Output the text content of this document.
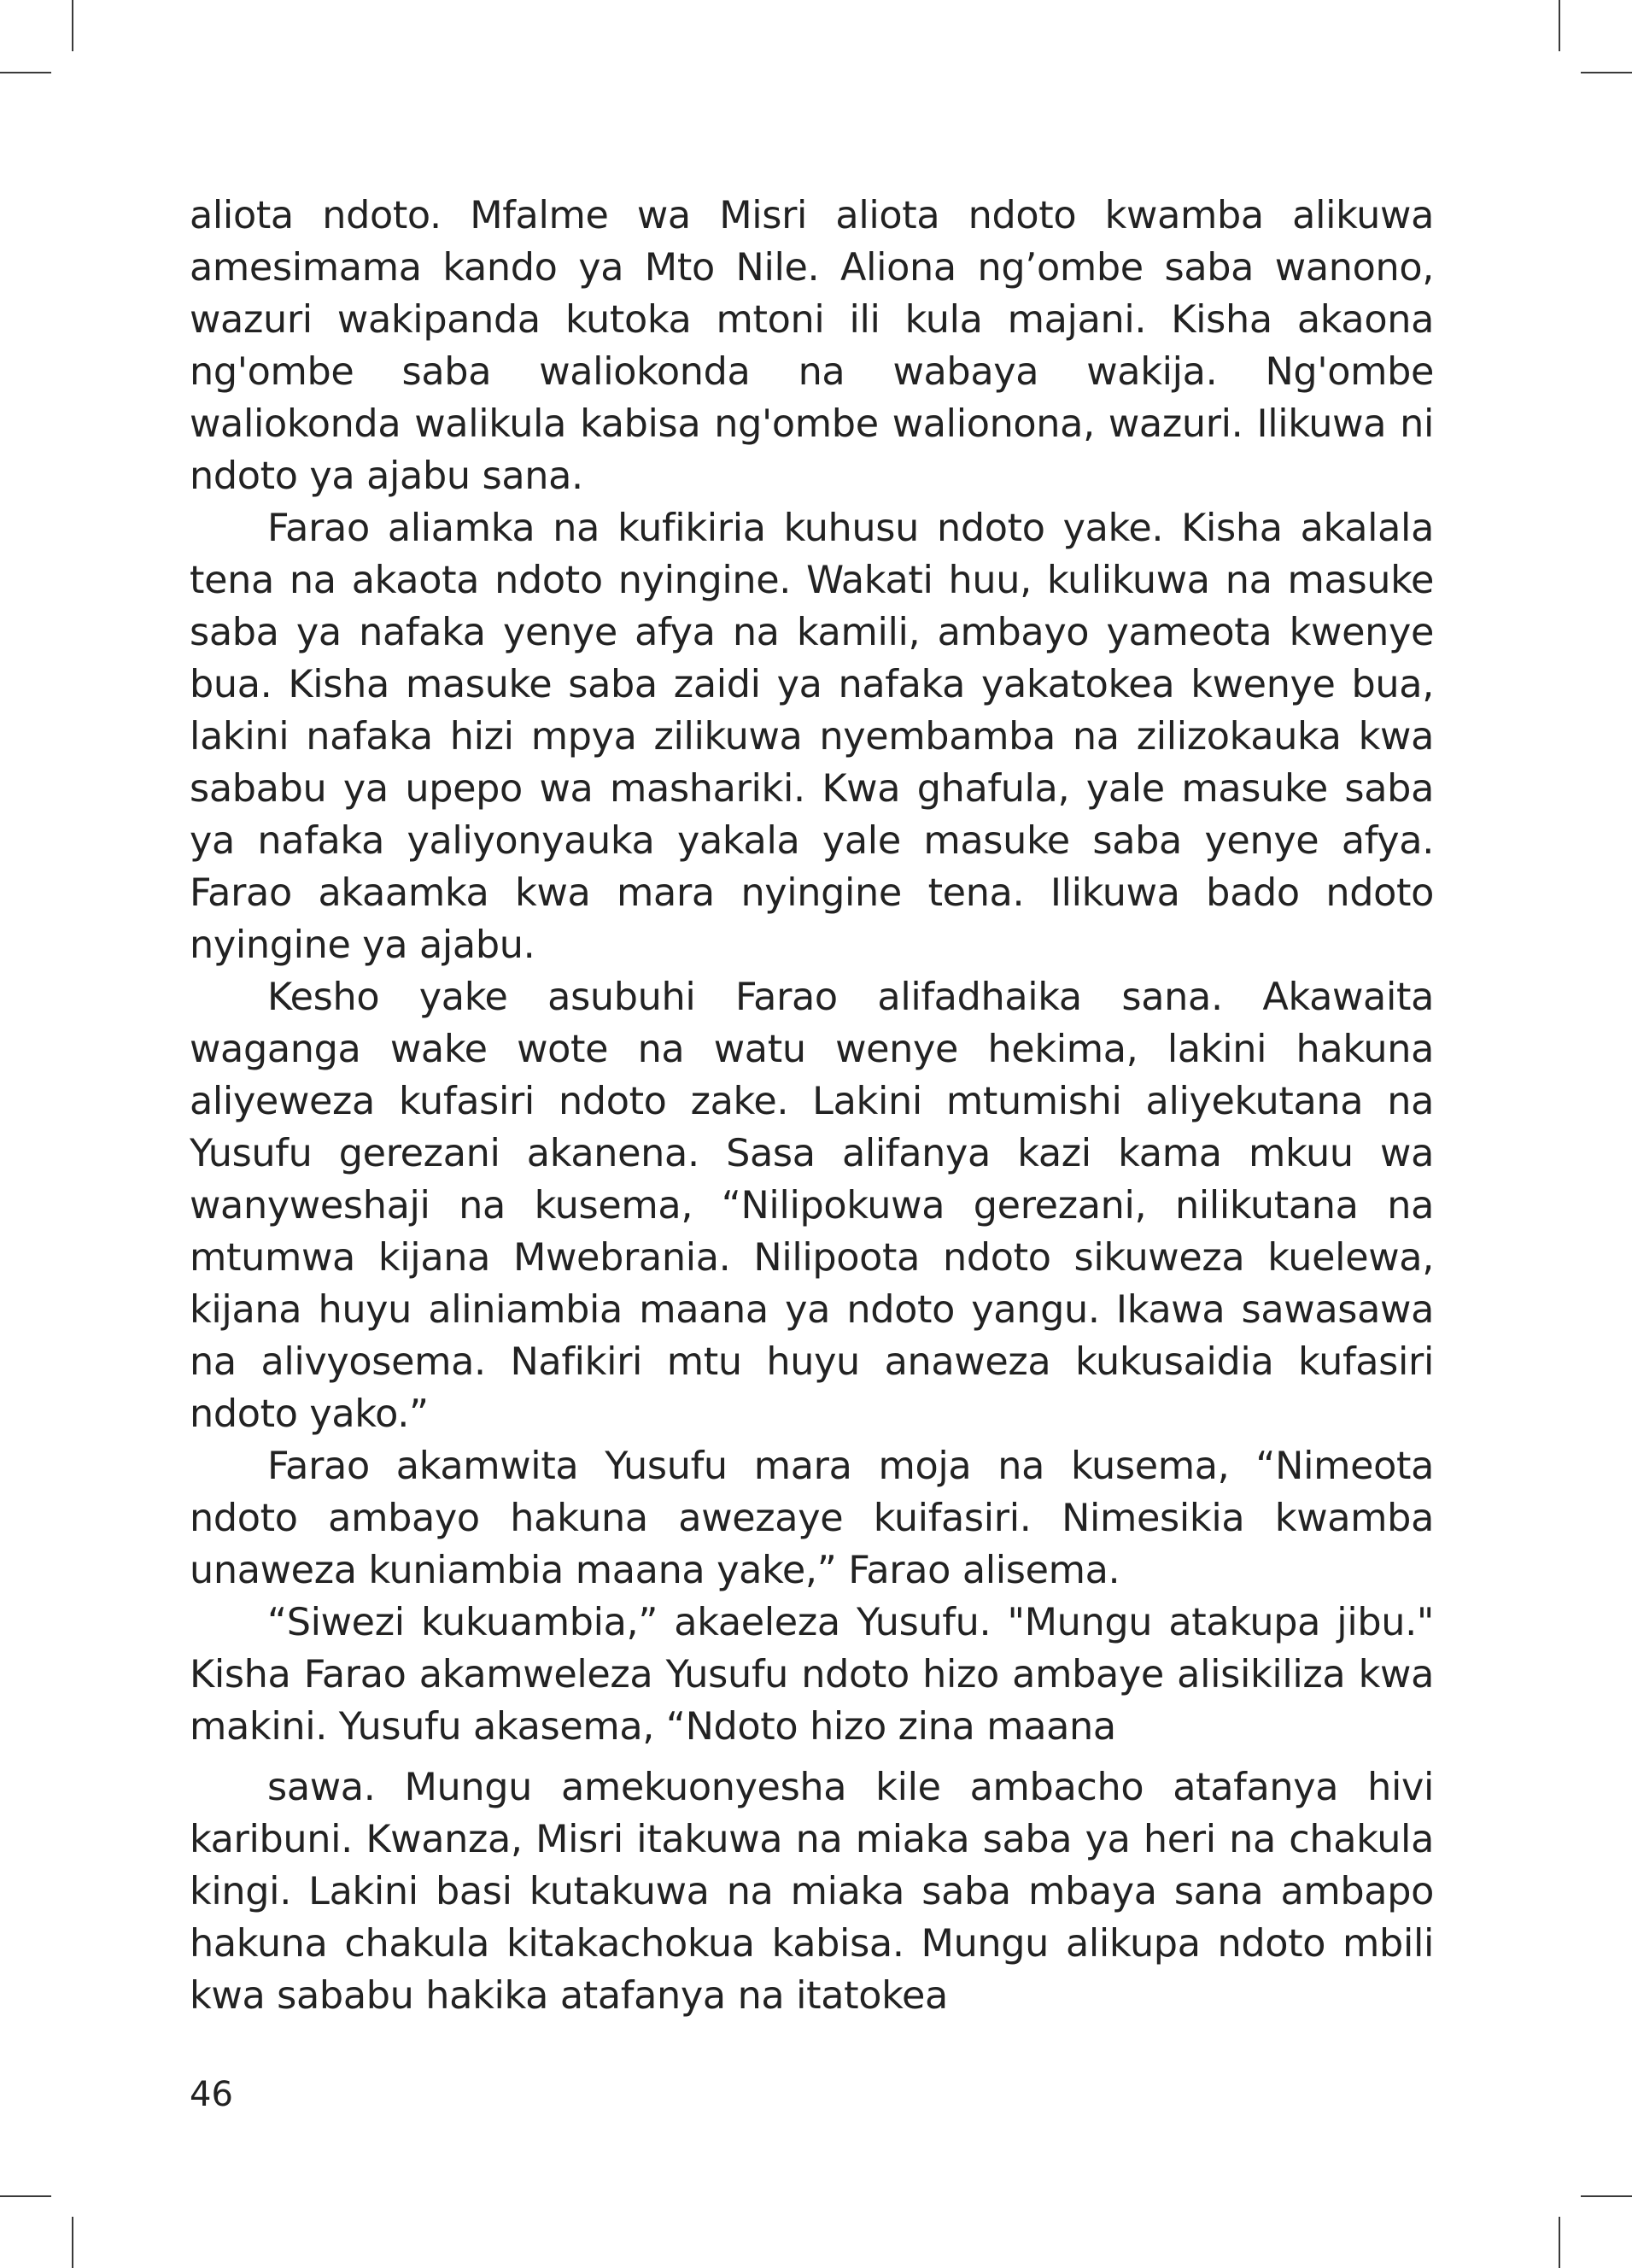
aliota ndoto. Mfalme wa Misri aliota ndoto kwamba alikuwa amesimama kando ya Mto Nile. Aliona ng’ombe saba wanono, wazuri wakipanda kutoka mtoni ili kula majani. Kisha akaona ng'ombe saba waliokonda na wabaya wakija. Ng'ombe waliokonda walikula kabisa ng'ombe walionona, wazuri. Ilikuwa ni ndoto ya ajabu sana.

Farao aliamka na kufikiria kuhusu ndoto yake. Kisha akalala tena na akaota ndoto nyingine. Wakati huu, kulikuwa na masuke saba ya nafaka yenye afya na kamili, ambayo yameota kwenye bua. Kisha masuke saba zaidi ya nafaka yakatokea kwenye bua, lakini nafaka hizi mpya zilikuwa nyembamba na zilizokauka kwa sababu ya upepo wa mashariki. Kwa ghafula, yale masuke saba ya nafaka yaliyonyauka yakala yale masuke saba yenye afya. Farao akaamka kwa mara nyingine tena. Ilikuwa bado ndoto nyingine ya ajabu.

Kesho yake asubuhi Farao alifadhaika sana. Akawaita waganga wake wote na watu wenye hekima, lakini hakuna aliyeweza kufasiri ndoto zake. Lakini mtumishi aliyekutana na Yusufu gerezani akanena. Sasa alifanya kazi kama mkuu wa wanyweshaji na kusema, “Nilipokuwa gerezani, nilikutana na mtumwa kijana Mwebrania. Nilipoota ndoto sikuweza kuelewa, kijana huyu aliniambia maana ya ndoto yangu. Ikawa sawasawa na alivyosema. Nafikiri mtu huyu anaweza kukusaidia kufasiri ndoto yako.”

Farao akamwita Yusufu mara moja na kusema, “Nimeota ndoto ambayo hakuna awezaye kuifasiri. Nimesikia kwamba unaweza kuniambia maana yake,” Farao alisema.

“Siwezi kukuambia,” akaeleza Yusufu. "Mungu atakupa jibu." Kisha Farao akamweleza Yusufu ndoto hizo ambaye alisikiliza kwa makini. Yusufu akasema, “Ndoto hizo zina maana

sawa. Mungu amekuonyesha kile ambacho atafanya hivi karibuni. Kwanza, Misri itakuwa na miaka saba ya heri na chakula kingi. Lakini basi kutakuwa na miaka saba mbaya sana ambapo hakuna chakula kitakachokua kabisa. Mungu alikupa ndoto mbili kwa sababu hakika atafanya na itatokea

46
